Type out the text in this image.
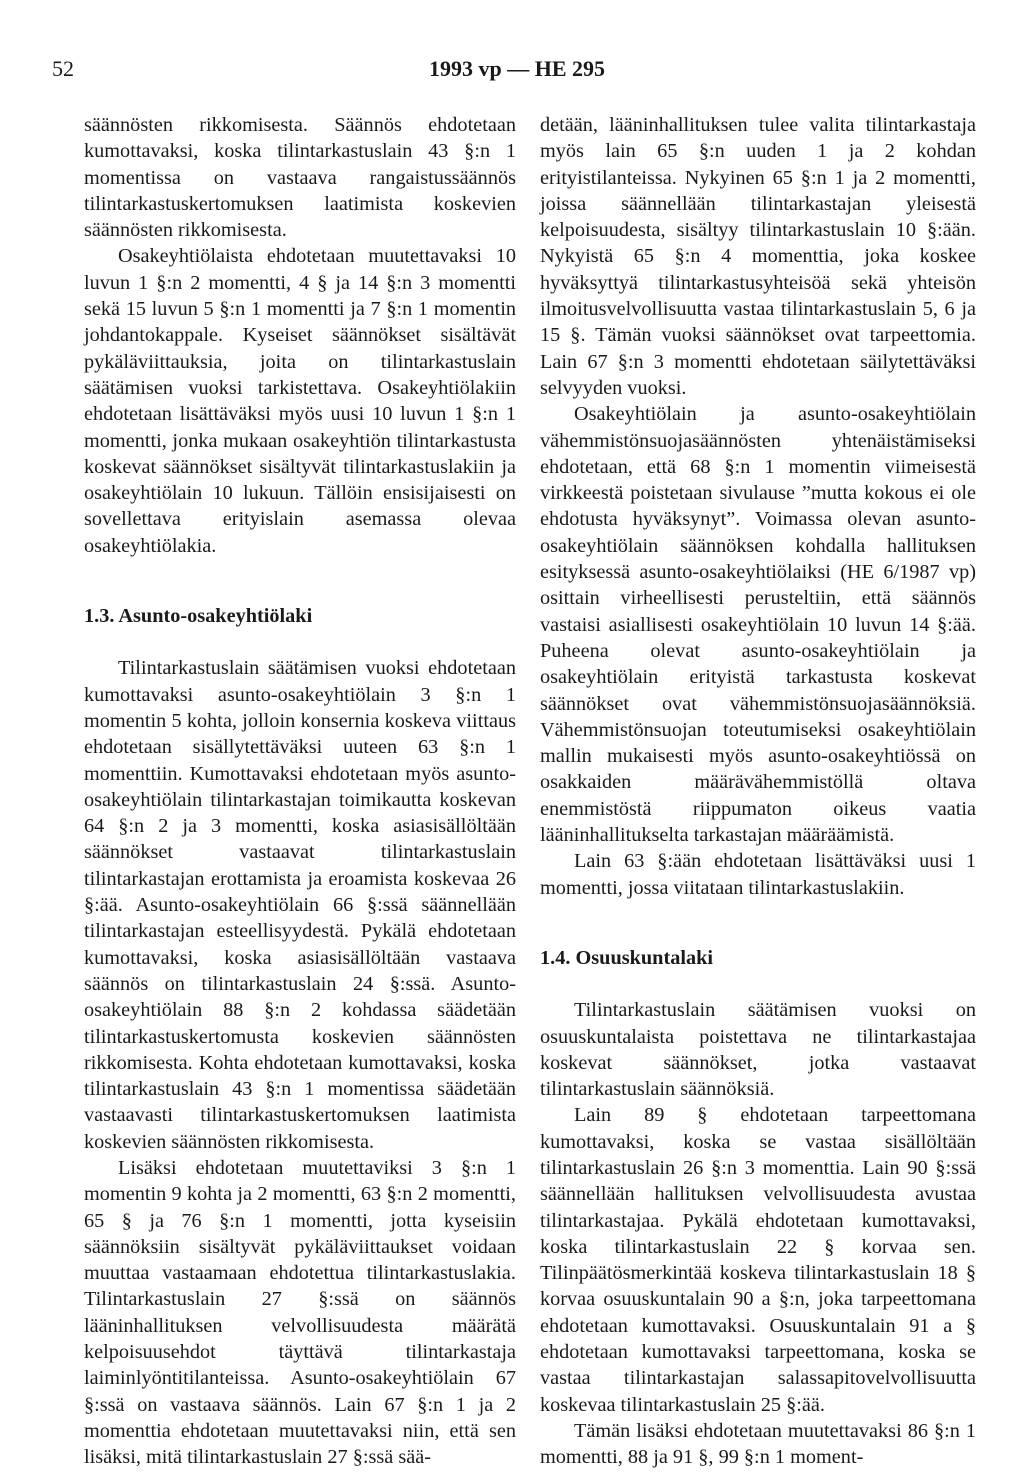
52	1993 vp — HE 295

säännösten rikkomisesta. Säännös ehdotetaan kumottavaksi, koska tilintarkastuslain 43 §:n 1 momentissa on vastaava rangaistussäännös tilintarkastuskertomuksen laatimista koskevien säännösten rikkomisesta.

Osakeyhtiölaista ehdotetaan muutettavaksi 10 luvun 1 §:n 2 momentti, 4 § ja 14 §:n 3 momentti sekä 15 luvun 5 §:n 1 momentti ja 7 §:n 1 momentin johdantokappale. Kyseiset säännökset sisältävät pykäläviittauksia, joita on tilintarkastuslain säätämisen vuoksi tarkistettava. Osakeyhtiölakiin ehdotetaan lisättäväksi myös uusi 10 luvun 1 §:n 1 momentti, jonka mukaan osakeyhtiön tilintarkastusta koskevat säännökset sisältyvät tilintarkastuslakiin ja osakeyhtiölain 10 lukuun. Tällöin ensisijaisesti on sovellettava erityislain asemassa olevaa osakeyhtiölakia.

1.3. Asunto-osakeyhtiölaki

Tilintarkastuslain säätämisen vuoksi ehdotetaan kumottavaksi asunto-osakeyhtiölain 3 §:n 1 momentin 5 kohta, jolloin konsernia koskeva viittaus ehdotetaan sisällytettäväksi uuteen 63 §:n 1 momenttiin. Kumottavaksi ehdotetaan myös asunto-osakeyhtiölain tilintarkastajan toimikautta koskevan 64 §:n 2 ja 3 momentti, koska asiasisällöltään säännökset vastaavat tilintarkastuslain tilintarkastajan erottamista ja eroamista koskevaa 26 §:ää. Asunto-osakeyhtiölain 66 §:ssä säännellään tilintarkastajan esteellisyydestä. Pykälä ehdotetaan kumottavaksi, koska asiasisällöltään vastaava säännös on tilintarkastuslain 24 §:ssä. Asunto-osakeyhtiölain 88 §:n 2 kohdassa säädetään tilintarkastuskertomusta koskevien säännösten rikkomisesta. Kohta ehdotetaan kumottavaksi, koska tilintarkastuslain 43 §:n 1 momentissa säädetään vastaavasti tilintarkastuskertomuksen laatimista koskevien säännösten rikkomisesta.

Lisäksi ehdotetaan muutettaviksi 3 §:n 1 momentin 9 kohta ja 2 momentti, 63 §:n 2 momentti, 65 § ja 76 §:n 1 momentti, jotta kyseisiin säännöksiin sisältyvät pykäläviittaukset voidaan muuttaa vastaamaan ehdotettua tilintarkastuslakia. Tilintarkastuslain 27 §:ssä on säännös lääninhallituksen velvollisuudesta määrätä kelpoisuusehdot täyttävä tilintarkastaja laiminlyöntitilanteissa. Asunto-osakeyhtiölain 67 §:ssä on vastaava säännös. Lain 67 §:n 1 ja 2 momenttia ehdotetaan muutettavaksi niin, että sen lisäksi, mitä tilintarkastuslain 27 §:ssä sää-

detään, lääninhallituksen tulee valita tilintarkastaja myös lain 65 §:n uuden 1 ja 2 kohdan erityistilanteissa. Nykyinen 65 §:n 1 ja 2 momentti, joissa säännellään tilintarkastajan yleisestä kelpoisuudesta, sisältyy tilintarkastuslain 10 §:ään. Nykyistä 65 §:n 4 momenttia, joka koskee hyväksyttyä tilintarkastusyhteisöä sekä yhteisön ilmoitusvelvollisuutta vastaa tilintarkastuslain 5, 6 ja 15 §. Tämän vuoksi säännökset ovat tarpeettomia. Lain 67 §:n 3 momentti ehdotetaan säilytettäväksi selvyyden vuoksi.

Osakeyhtiölain ja asunto-osakeyhtiölain vähemmistönsuojasäännösten yhtenäistämiseksi ehdotetaan, että 68 §:n 1 momentin viimeisestä virkkeestä poistetaan sivulause ”mutta kokous ei ole ehdotusta hyväksynyt”. Voimassa olevan asunto-osakeyhtiölain säännöksen kohdalla hallituksen esityksessä asunto-osakeyhtiölaiksi (HE 6/1987 vp) osittain virheellisesti perusteltiin, että säännös vastaisi asiallisesti osakeyhtiölain 10 luvun 14 §:ää. Puheena olevat asunto-osakeyhtiölain ja osakeyhtiölain erityistä tarkastusta koskevat säännökset ovat vähemmistönsuojasäännöksiä. Vähemmistönsuojan toteutumiseksi osakeyhtiölain mallin mukaisesti myös asunto-osakeyhtiössä on osakkaiden määrävähemmistöllä oltava enemmistöstä riippumaton oikeus vaatia lääninhallitukselta tarkastajan määräämistä.

Lain 63 §:ään ehdotetaan lisättäväksi uusi 1 momentti, jossa viitataan tilintarkastuslakiin.

1.4. Osuuskuntalaki

Tilintarkastuslain säätämisen vuoksi on osuuskuntalaista poistettava ne tilintarkastajaa koskevat säännökset, jotka vastaavat tilintarkastuslain säännöksiä.

Lain 89 § ehdotetaan tarpeettomana kumottavaksi, koska se vastaa sisällöltään tilintarkastuslain 26 §:n 3 momenttia. Lain 90 §:ssä säännellään hallituksen velvollisuudesta avustaa tilintarkastajaa. Pykälä ehdotetaan kumottavaksi, koska tilintarkastuslain 22 § korvaa sen. Tilinpäätösmerkintää koskeva tilintarkastuslain 18 § korvaa osuuskuntalain 90 a §:n, joka tarpeettomana ehdotetaan kumottavaksi. Osuuskuntalain 91 a § ehdotetaan kumottavaksi tarpeettomana, koska se vastaa tilintarkastajan salassapitovelvollisuutta koskevaa tilintarkastuslain 25 §:ää.

Tämän lisäksi ehdotetaan muutettavaksi 86 §:n 1 momentti, 88 ja 91 §, 99 §:n 1 moment-
